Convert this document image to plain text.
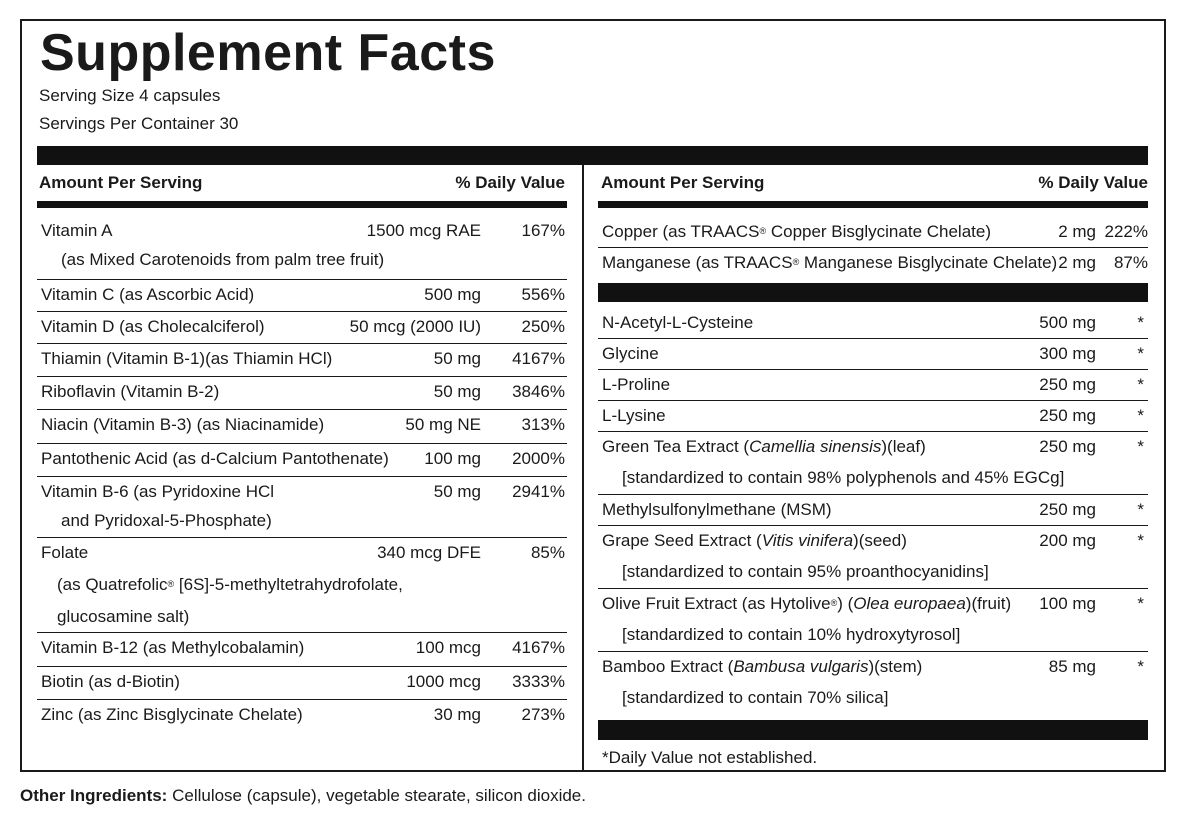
Supplement Facts
Serving Size 4 capsules
Servings Per Container 30
Amount Per Serving	% Daily Value
Vitamin A
(as Mixed Carotenoids from palm tree fruit)
1500 mcg RAE 167%
Vitamin C (as Ascorbic Acid)	500 mg 556%
Vitamin D (as Cholecalciferol)	50 mcg (2000 IU) 250%
Thiamin (Vitamin B-1)(as Thiamin HCl)	50 mg 4167%
Riboflavin (Vitamin B-2)	50 mg 3846%
Niacin (Vitamin B-3) (as Niacinamide)	50 mg NE 313%
Pantothenic Acid (as d-Calcium Pantothenate) 100 mg 2000%
Vitamin B-6 (as Pyridoxine HCl
and Pyridoxal-5-Phosphate)
50 mg 2941%
Folate
(as Quatrefolic® [6S]-5-methyltetrahydrofolate,
glucosamine salt)
340 mcg DFE	85%
Vitamin B-12 (as Methylcobalamin)	100 mcg 4167%
Biotin (as d-Biotin)	1000 mcg 3333%
Zinc (as Zinc Bisglycinate Chelate)	30 mg 273%
Amount Per Serving	% Daily Value
Copper (as TRAACS® Copper Bisglycinate Chelate)	2 mg 222%
Manganese (as TRAACS® Manganese Bisglycinate Chelate) 2 mg 87%
N-Acetyl-L-Cysteine	500 mg *
Glycine	300 mg *
L-Proline	250 mg *
L-Lysine	250 mg *
Green Tea Extract (Camellia sinensis)(leaf)
[standardized to contain 98% polyphenols and 45% EGCg]
250 mg *
Methylsulfonylmethane (MSM)	250 mg *
Grape Seed Extract (Vitis vinifera)(seed)
[standardized to contain 95% proanthocyanidins]
200 mg *
Olive Fruit Extract (as Hytolive®) (Olea europaea)(fruit)
[standardized to contain 10% hydroxytyrosol]
100 mg *
Bamboo Extract (Bambusa vulgaris)(stem)
[standardized to contain 70% silica]
85 mg *
*Daily Value not established.
Other Ingredients: Cellulose (capsule), vegetable stearate, silicon dioxide.
